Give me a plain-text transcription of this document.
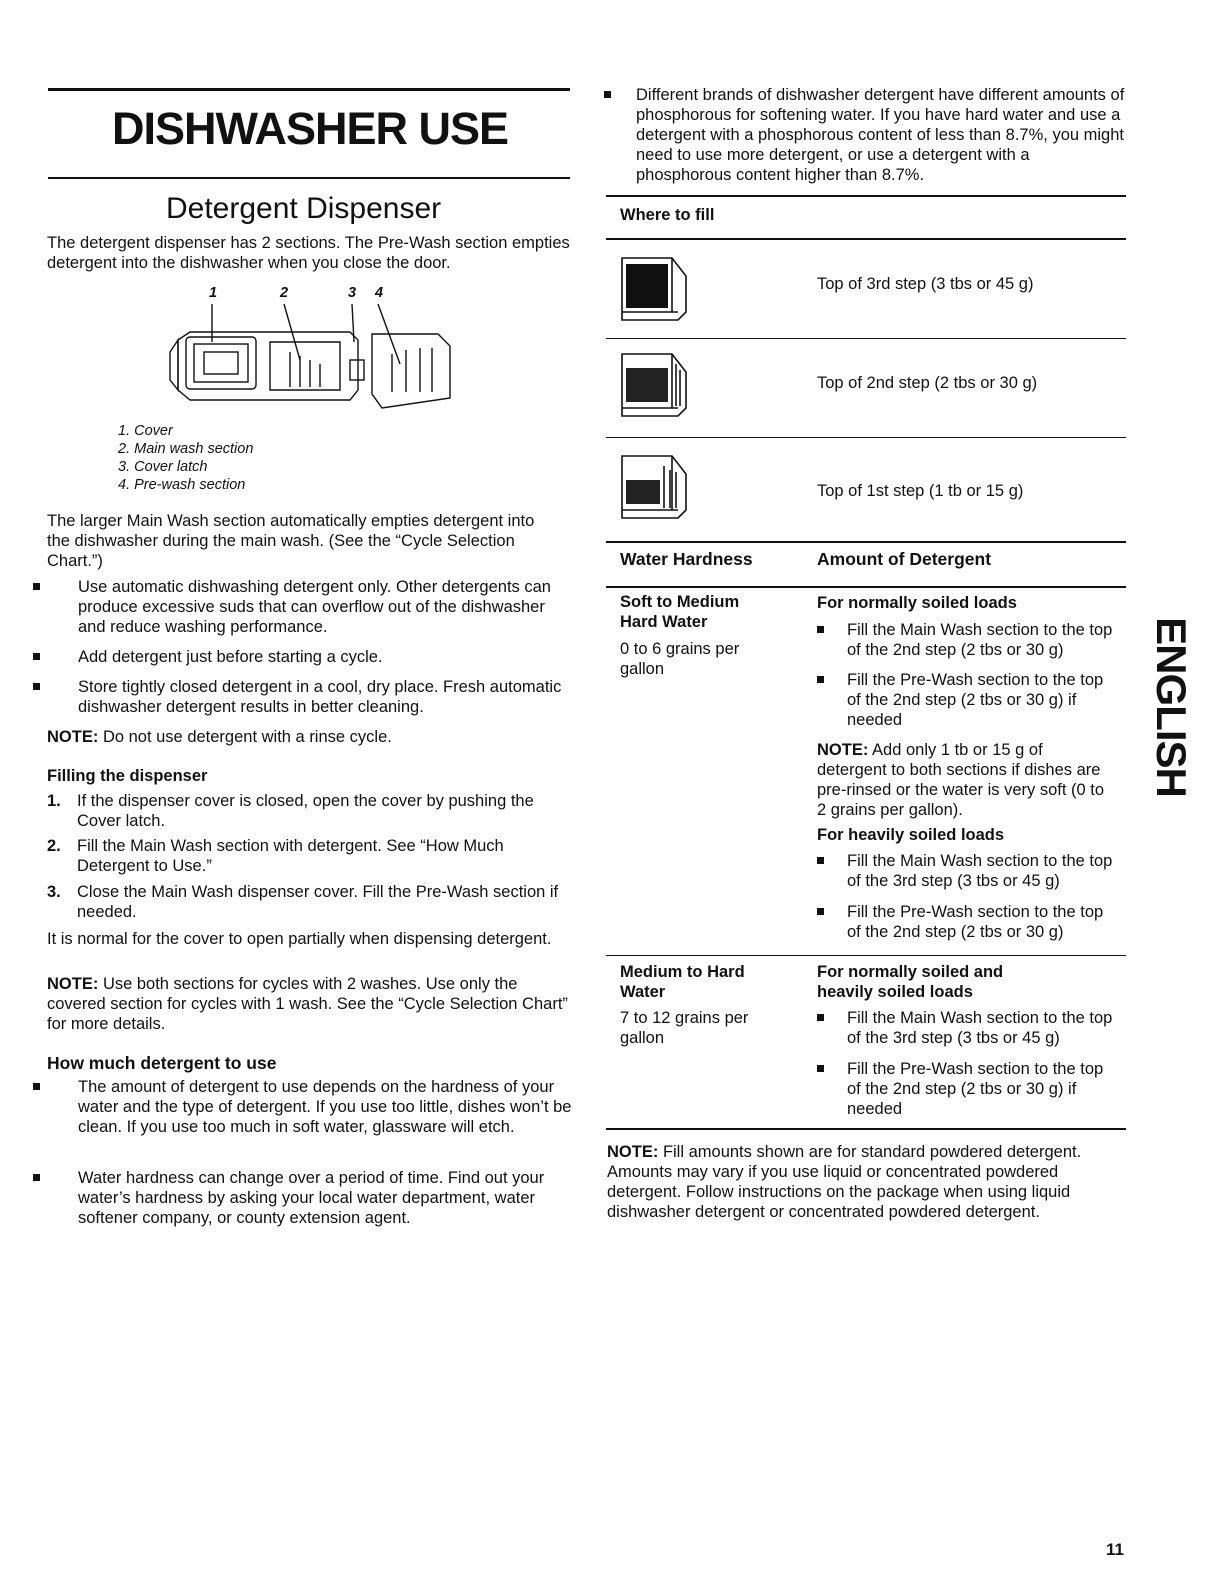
DISHWASHER USE
Detergent Dispenser

The detergent dispenser has 2 sections. The Pre-Wash section empties detergent into the dishwasher when you close the door.

1	2	3 4
1. Cover
2. Main wash section
3. Cover latch
4. Pre-wash section

The larger Main Wash section automatically empties detergent into the dishwasher during the main wash. (See the “Cycle Selection Chart.”)

Use automatic dishwashing detergent only. Other detergents can produce excessive suds that can overflow out of the dishwasher and reduce washing performance.
Add detergent just before starting a cycle.
Store tightly closed detergent in a cool, dry place. Fresh automatic dishwasher detergent results in better cleaning.

NOTE: Do not use detergent with a rinse cycle.

Filling the dispenser
1. If the dispenser cover is closed, open the cover by pushing the Cover latch.
2. Fill the Main Wash section with detergent. See “How Much Detergent to Use.”
3. Close the Main Wash dispenser cover. Fill the Pre-Wash section if needed.

It is normal for the cover to open partially when dispensing detergent.

NOTE: Use both sections for cycles with 2 washes. Use only the covered section for cycles with 1 wash. See the “Cycle Selection Chart” for more details.

How much detergent to use
The amount of detergent to use depends on the hardness of your water and the type of detergent. If you use too little, dishes won’t be clean. If you use too much in soft water, glassware will etch.
Water hardness can change over a period of time. Find out your water’s hardness by asking your local water department, water softener company, or county extension agent.
Different brands of dishwasher detergent have different amounts of phosphorous for softening water. If you have hard water and use a detergent with a phosphorous content of less than 8.7%, you might need to use more detergent, or use a detergent with a phosphorous content higher than 8.7%.
Where to fill
Top of 3rd step (3 tbs or 45 g)
Top of 2nd step (2 tbs or 30 g)
Top of 1st step (1 tb or 15 g)
Water Hardness	Amount of Detergent
Soft to Medium Hard Water
0 to 6 grains per gallon
For normally soiled loads
Fill the Main Wash section to the top of the 2nd step (2 tbs or 30 g)
Fill the Pre-Wash section to the top of the 2nd step (2 tbs or 30 g) if needed

NOTE: Add only 1 tb or 15 g of detergent to both sections if dishes are pre-rinsed or the water is very soft (0 to 2 grains per gallon).

For heavily soiled loads
Fill the Main Wash section to the top of the 3rd step (3 tbs or 45 g)
Fill the Pre-Wash section to the top of the 2nd step (2 tbs or 30 g)
Medium to Hard Water
7 to 12 grains per gallon
For normally soiled and heavily soiled loads
Fill the Main Wash section to the top of the 3rd step (3 tbs or 45 g)
Fill the Pre-Wash section to the top of the 2nd step (2 tbs or 30 g) if needed

NOTE: Fill amounts shown are for standard powdered detergent. Amounts may vary if you use liquid or concentrated powdered detergent. Follow instructions on the package when using liquid dishwasher detergent or concentrated powdered detergent.

ENGLISH
11
